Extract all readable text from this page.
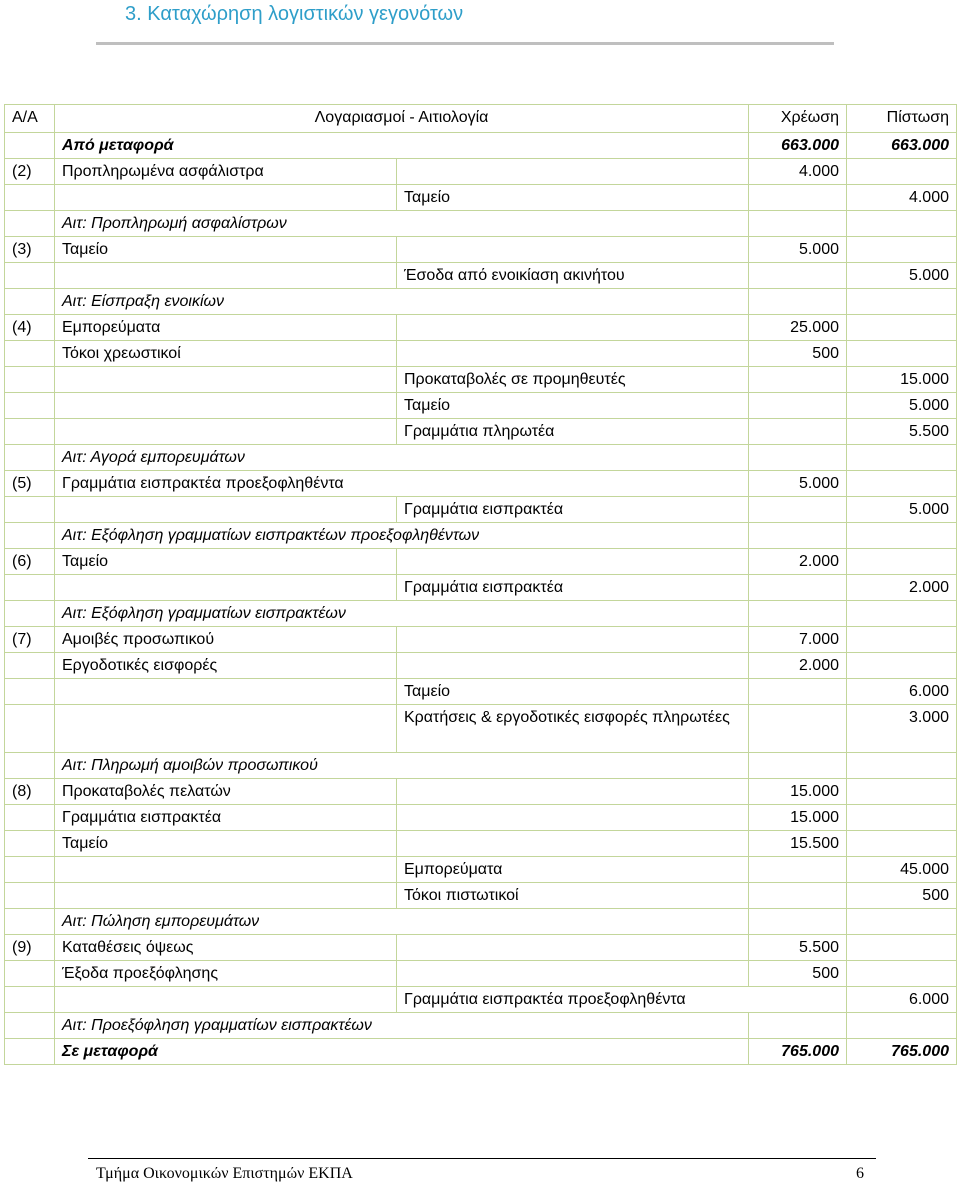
3. Καταχώρηση λογιστικών γεγονότων
Α/Α	Λογαριασμοί - Αιτιολογία		Χρέωση	Πίστωση
	Από μεταφορά		663.000	663.000
(2)	Προπληρωμένα ασφάλιστρα		4.000	
		Ταμείο		4.000
	Αιτ: Προπληρωμή ασφαλίστρων			
(3)	Ταμείο		5.000	
		Έσοδα από ενοικίαση ακινήτου		5.000
	Αιτ: Είσπραξη ενοικίων			
(4)	Εμπορεύματα		25.000	
	Τόκοι χρεωστικοί		500	
		Προκαταβολές σε προμηθευτές		15.000
		Ταμείο		5.000
		Γραμμάτια πληρωτέα		5.500
	Αιτ: Αγορά εμπορευμάτων			
(5)	Γραμμάτια εισπρακτέα προεξοφληθέντα		5.000	
		Γραμμάτια εισπρακτέα		5.000
	Αιτ: Εξόφληση γραμματίων εισπρακτέων προεξοφληθέντων			
(6)	Ταμείο		2.000	
		Γραμμάτια εισπρακτέα		2.000
	Αιτ: Εξόφληση γραμματίων εισπρακτέων			
(7)	Αμοιβές προσωπικού		7.000	
	Εργοδοτικές εισφορές		2.000	
		Ταμείο		6.000
		Κρατήσεις & εργοδοτικές εισφορές πληρωτέες		3.000
	Αιτ: Πληρωμή αμοιβών προσωπικού			
(8)	Προκαταβολές πελατών		15.000	
	Γραμμάτια εισπρακτέα		15.000	
	Ταμείο		15.500	
		Εμπορεύματα		45.000
		Τόκοι πιστωτικοί		500
	Αιτ: Πώληση εμπορευμάτων			
(9)	Καταθέσεις όψεως		5.500	
	Έξοδα προεξόφλησης		500	
		Γραμμάτια εισπρακτέα προεξοφληθέντα		6.000
	Αιτ: Προεξόφληση γραμματίων εισπρακτέων			
	Σε μεταφορά		765.000	765.000
Τμήμα Οικονομικών Επιστημών ΕΚΠΑ	6
